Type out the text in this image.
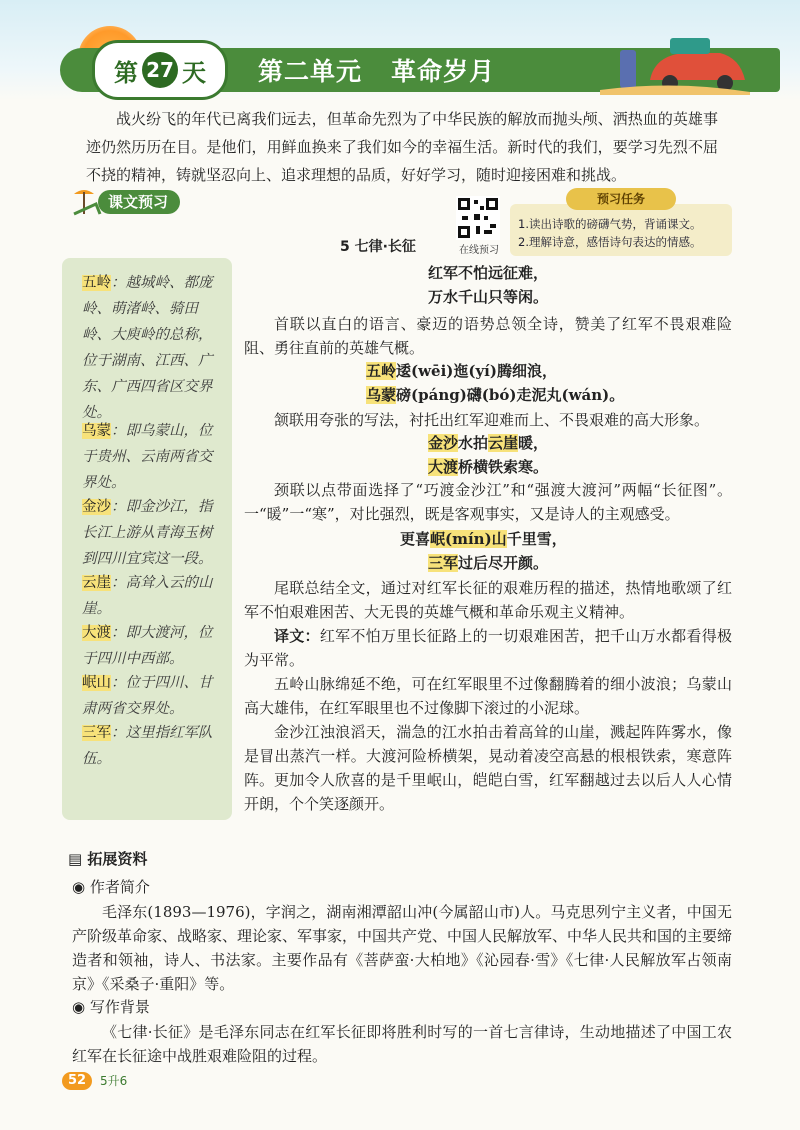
第 27 天 第二单元   革命岁月
战火纷飞的年代已离我们远去，但革命先烈为了中华民族的解放而抛头颅、洒热血的英雄事迹仍然历历在目。是他们，用鲜血换来了我们如今的幸福生活。新时代的我们，要学习先烈不屈不挠的精神，铸就坚忍向上、追求理想的品质，好好学习，随时迎接困难和挑战。
课文预习
在线预习
1.读出诗歌的磅礴气势，背诵课文。
2.理解诗意，感悟诗句表达的情感。
预习任务
五岭：越城岭、都庞岭、萌渚岭、骑田岭、大庾岭的总称，位于湖南、江西、广东、广西四省区交界处。
乌蒙：即乌蒙山，位于贵州、云南两省交界处。
金沙：即金沙江，指长江上游从青海玉树到四川宜宾这一段。
云崖：高耸入云的山崖。
大渡：即大渡河，位于四川中西部。
岷山：位于四川、甘肃两省交界处。
三军：这里指红军队伍。
5 七律·长征
红军不怕远征难，
万水千山只等闲。
首联以直白的语言、豪迈的语势总领全诗，赞美了红军不畏艰难险阻、勇往直前的英雄气概。
五岭逶(wēi)迤(yí)腾细浪，
乌蒙磅(páng)礴(bó)走泥丸(wán)。
颔联用夸张的写法，衬托出红军迎难而上、不畏艰难的高大形象。
金沙水拍云崖暖，
大渡桥横铁索寒。
颈联以点带面选择了“巧渡金沙江”和“强渡大渡河”两幅“长征图”。一“暖”一“寒”，对比强烈，既是客观事实，又是诗人的主观感受。
更喜岷(mín)山千里雪，
三军过后尽开颜。
尾联总结全文，通过对红军长征的艰难历程的描述，热情地歌颂了红军不怕艰难困苦、大无畏的英雄气概和革命乐观主义精神。
译文：红军不怕万里长征路上的一切艰难困苦，把千山万水都看得极为平常。
五岭山脉绵延不绝，可在红军眼里不过像翻腾着的细小波浪；乌蒙山高大雄伟，在红军眼里也不过像脚下滚过的小泥球。
金沙江浊浪滔天，湍急的江水拍击着高耸的山崖，溅起阵阵雾水，像是冒出蒸汽一样。大渡河险桥横架，晃动着凌空高悬的根根铁索，寒意阵阵。 更加令人欣喜的是千里岷山，皑皑白雪，红军翻越过去以后人人心情开朗，个个笑逐颜开。
▤ 拓展资料
◉ 作者简介
毛泽东(1893—1976)，字润之，湖南湘潭韶山冲(今属韶山市)人。马克思列宁主义者，中国无产阶级革命家、战略家、理论家、军事家，中国共产党、中国人民解放军、中华人民共和国的主要缔造者和领袖，诗人、书法家。主要作品有《菩萨蛮·大柏地》《沁园春·雪》《七律·人民解放军占领南京》《采桑子·重阳》等。
◉ 写作背景
《七律·长征》是毛泽东同志在红军长征即将胜利时写的一首七言律诗，生动地描述了中国工农红军在长征途中战胜艰难险阻的过程。
52	5升6
